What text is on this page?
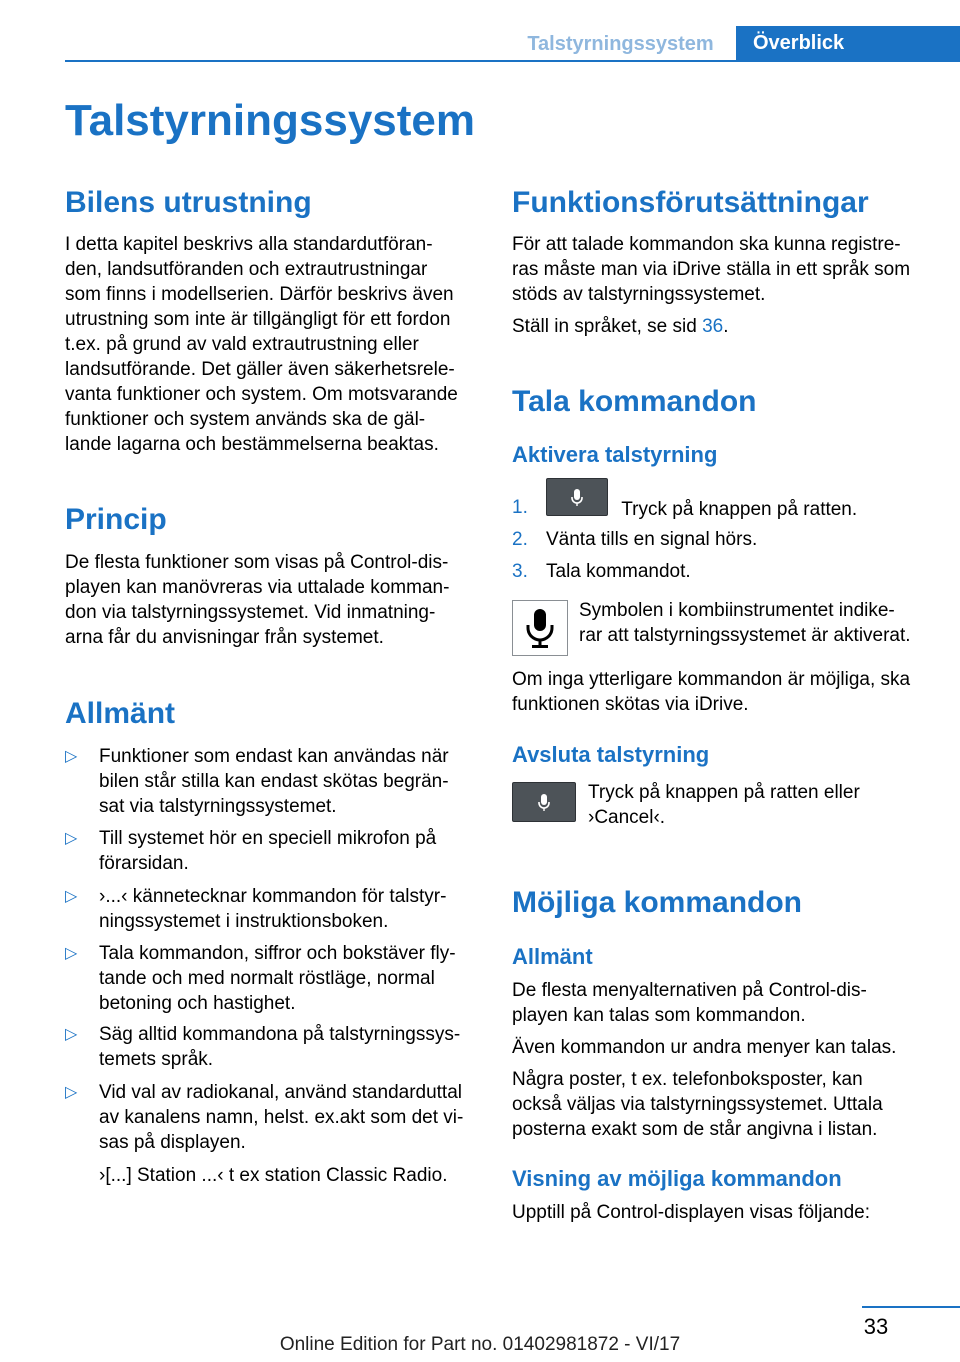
Talstyrningssystem	Överblick
Talstyrningssystem
Bilens utrustning
I detta kapitel beskrivs alla standardutföran-
den, landsutföranden och extrautrustningar
som finns i modellserien. Därför beskrivs även
utrustning som inte är tillgängligt för ett fordon
t.ex. på grund av vald extrautrustning eller
landsutförande. Det gäller även säkerhetsrele-
vanta funktioner och system. Om motsvarande
funktioner och system används ska de gäl-
lande lagarna och bestämmelserna beaktas.
Princip
De flesta funktioner som visas på Control-dis-
playen kan manövreras via uttalade komman-
don via talstyrningssystemet. Vid inmatning-
arna får du anvisningar från systemet.
Allmänt
▷ Funktioner som endast kan användas när
bilen står stilla kan endast skötas begrän-
sat via talstyrningssystemet.
▷ Till systemet hör en speciell mikrofon på
förarsidan.
▷ ›...‹ kännetecknar kommandon för talstyr-
ningssystemet i instruktionsboken.
▷ Tala kommandon, siffror och bokstäver fly-
tande och med normalt röstläge, normal
betoning och hastighet.
▷ Säg alltid kommandona på talstyrningssys-
temets språk.
▷ Vid val av radiokanal, använd standarduttal
av kanalens namn, helst. ex.akt som det vi-
sas på displayen.
›[...] Station ...‹ t ex station Classic Radio.
Funktionsförutsättningar
För att talade kommandon ska kunna registre-
ras måste man via iDrive ställa in ett språk som
stöds av talstyrningssystemet.
Ställ in språket, se sid 36.
Tala kommandon
Aktivera talstyrning
1.	Tryck på knappen på ratten.
2. Vänta tills en signal hörs.
3. Tala kommandot.
Symbolen i kombiinstrumentet indike-
rar att talstyrningssystemet är aktiverat.
Om inga ytterligare kommandon är möjliga, ska
funktionen skötas via iDrive.
Avsluta talstyrning
Tryck på knappen på ratten eller
›Cancel‹.
Möjliga kommandon
Allmänt
De flesta menyalternativen på Control-dis-
playen kan talas som kommandon.
Även kommandon ur andra menyer kan talas.
Några poster, t ex. telefonboksposter, kan
också väljas via talstyrningssystemet. Uttala
posterna exakt som de står angivna i listan.
Visning av möjliga kommandon
Upptill på Control-displayen visas följande:
33
Online Edition for Part no. 01402981872 - VI/17
